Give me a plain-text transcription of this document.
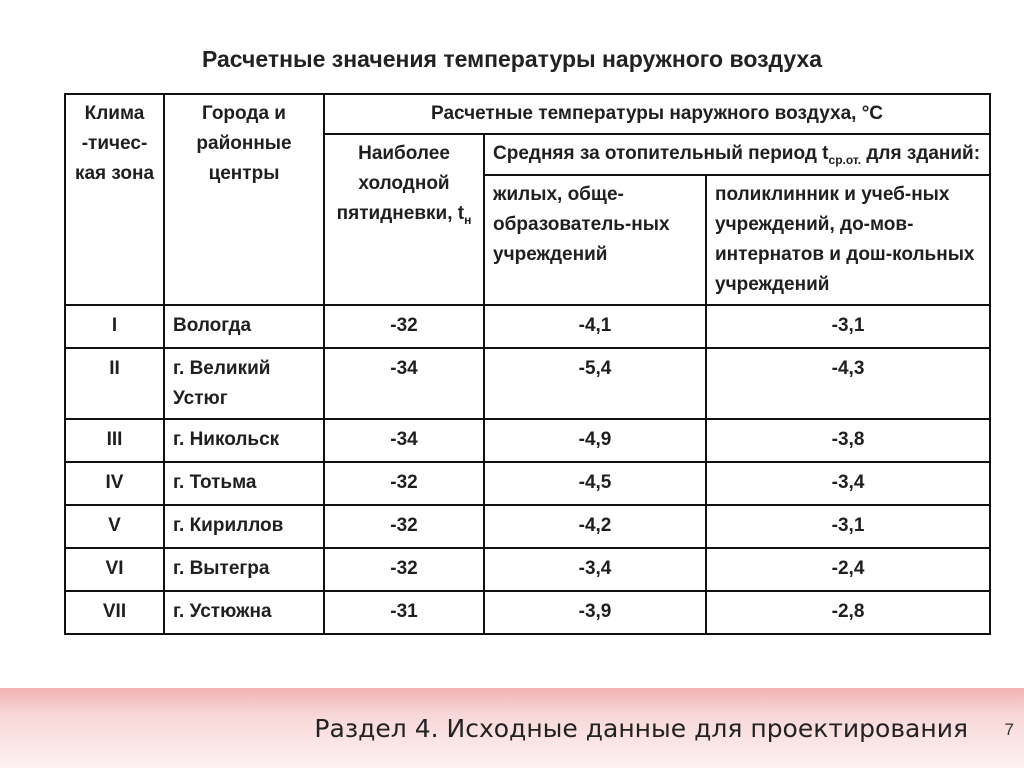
Расчетные значения температуры наружного воздуха
Клима -тичес-кая зона	Города и районные центры	Расчетные температуры наружного воздуха, °С		
		Наиболее холодной пятидневки, $t_н$	Средняя за отопительный период $t_{ср.от.}$ для зданий:	
			жилых, обще-образователь-ных учреждений	поликлинник и учеб-ных учреждений, до-мов-интернатов и дош-кольных учреждений
I	Вологда	-32	-4,1	-3,1
II	г. Великий Устюг	-34	-5,4	-4,3
III	г. Никольск	-34	-4,9	-3,8
IV	г. Тотьма	-32	-4,5	-3,4
V	г. Кириллов	-32	-4,2	-3,1
VI	г. Вытегра	-32	-3,4	-2,4
VII	г. Устюжна	-31	-3,9	-2,8
Раздел 4. Исходные данные для проектирования 7
